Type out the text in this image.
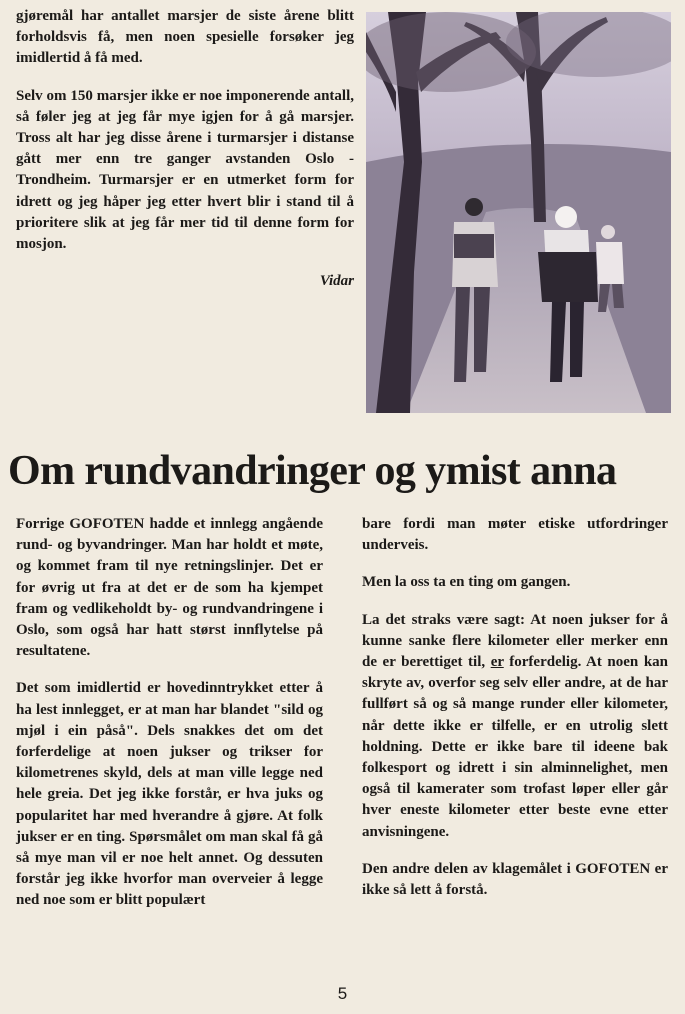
gjøremål har antallet marsjer de siste årene blitt forholdsvis få, men noen spesielle forsøker jeg imidlertid å få med.

Selv om 150 marsjer ikke er noe imponerende antall, så føler jeg at jeg får mye igjen for å gå marsjer. Tross alt har jeg disse årene i turmarsjer i distanse gått mer enn tre ganger avstanden Oslo - Trondheim. Turmarsjer er en utmerket form for idrett og jeg håper jeg etter hvert blir i stand til å prioritere slik at jeg får mer tid til denne form for mosjon.

Vidar

Om rundvandringer og ymist anna

Forrige GOFOTEN hadde et innlegg angående rund- og byvandringer. Man har holdt et møte, og kommet fram til nye retningslinjer. Det er for øvrig ut fra at det er de som ha kjempet fram og vedlikeholdt by- og rundvandringene i Oslo, som også har hatt størst innflytelse på resultatene.

Det som imidlertid er hovedinntrykket etter å ha lest innlegget, er at man har blandet "sild og mjøl i ein påså". Dels snakkes det om det forferdelige at noen jukser og trikser for kilometrenes skyld, dels at man ville legge ned hele greia. Det jeg ikke forstår, er hva juks og popularitet har med hverandre å gjøre. At folk jukser er en ting. Spørsmålet om man skal få gå så mye man vil er noe helt annet. Og dessuten forstår jeg ikke hvorfor man overveier å legge ned noe som er blitt populært

bare fordi man møter etiske utfordringer underveis.

Men la oss ta en ting om gangen.

La det straks være sagt: At noen jukser for å kunne sanke flere kilometer eller merker enn de er berettiget til, er forferdelig. At noen kan skryte av, overfor seg selv eller andre, at de har fullført så og så mange runder eller kilometer, når dette ikke er tilfelle, er en utrolig slett holdning. Dette er ikke bare til ideene bak folkesport og idrett i sin alminnelighet, men også til kamerater som trofast løper eller går hver eneste kilometer etter beste evne etter anvisningene.

Den andre delen av klagemålet i GOFOTEN er ikke så lett å forstå.

5
